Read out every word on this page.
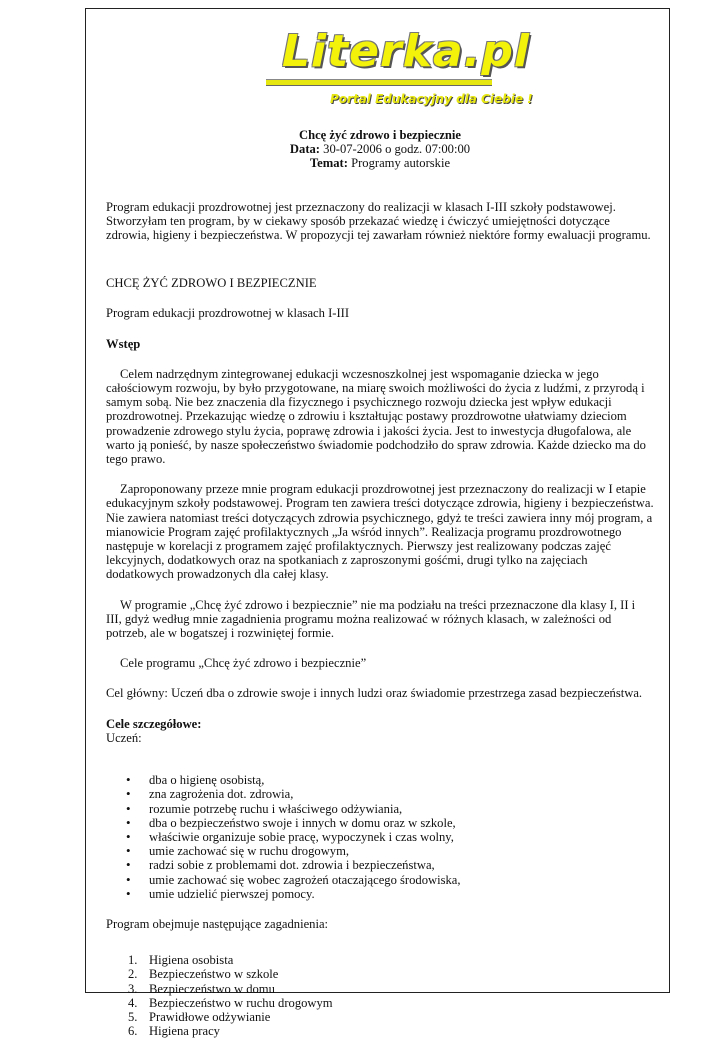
Literka.pl
Portal Edukacyjny dla Ciebie !

Chcę żyć zdrowo i bezpiecznie

Data: 30-07-2006 o godz. 07:00:00

Temat: Programy autorskie

Program edukacji prozdrowotnej jest przeznaczony do realizacji w klasach I-III szkoły podstawowej. Stworzyłam ten program, by w ciekawy sposób przekazać wiedzę i ćwiczyć umiejętności dotyczące zdrowia, higieny i bezpieczeństwa. W propozycji tej zawarłam również niektóre formy ewaluacji programu.

CHCĘ ŻYĆ ZDROWO I BEZPIECZNIE

Program edukacji prozdrowotnej w klasach I-III

Wstęp

Celem nadrzędnym zintegrowanej edukacji wczesnoszkolnej jest wspomaganie dziecka w jego całościowym rozwoju, by było przygotowane, na miarę swoich możliwości do życia z ludźmi, z przyrodą i samym sobą. Nie bez znaczenia dla fizycznego i psychicznego rozwoju dziecka jest wpływ edukacji prozdrowotnej. Przekazując wiedzę o zdrowiu i kształtując postawy prozdrowotne ułatwiamy dzieciom prowadzenie zdrowego stylu życia, poprawę zdrowia i jakości życia. Jest to inwestycja długofalowa, ale warto ją ponieść, by nasze społeczeństwo świadomie podchodziło do spraw zdrowia. Każde dziecko ma do tego prawo.

Zaproponowany przeze mnie program edukacji prozdrowotnej jest przeznaczony do realizacji w I etapie edukacyjnym szkoły podstawowej. Program ten zawiera treści dotyczące zdrowia, higieny i bezpieczeństwa. Nie zawiera natomiast treści dotyczących zdrowia psychicznego, gdyż te treści zawiera inny mój program, a mianowicie Program zajęć profilaktycznych „Ja wśród innych”. Realizacja programu prozdrowotnego następuje w korelacji z programem zajęć profilaktycznych. Pierwszy jest realizowany podczas zajęć lekcyjnych, dodatkowych oraz na spotkaniach z zaproszonymi gośćmi, drugi tylko na zajęciach dodatkowych prowadzonych dla całej klasy.

W programie „Chcę żyć zdrowo i bezpiecznie” nie ma podziału na treści przeznaczone dla klasy I, II i III, gdyż według mnie zagadnienia programu można realizować w różnych klasach, w zależności od potrzeb, ale w bogatszej i rozwiniętej formie.

Cele programu „Chcę żyć zdrowo i bezpiecznie”

Cel główny: Uczeń dba o zdrowie swoje i innych ludzi oraz świadomie przestrzega zasad bezpieczeństwa.

Cele szczegółowe:

Uczeń:

• dba o higienę osobistą,
• zna zagrożenia dot. zdrowia,
• rozumie potrzebę ruchu i właściwego odżywiania,
• dba o bezpieczeństwo swoje i innych w domu oraz w szkole,
• właściwie organizuje sobie pracę, wypoczynek i czas wolny,
• umie zachować się w ruchu drogowym,
• radzi sobie z problemami dot. zdrowia i bezpieczeństwa,
• umie zachować się wobec zagrożeń otaczającego środowiska,
• umie udzielić pierwszej pomocy.

Program obejmuje następujące zagadnienia:

1. Higiena osobista
2. Bezpieczeństwo w szkole
3. Bezpieczeństwo w domu
4. Bezpieczeństwo w ruchu drogowym
5. Prawidłowe odżywianie
6. Higiena pracy
